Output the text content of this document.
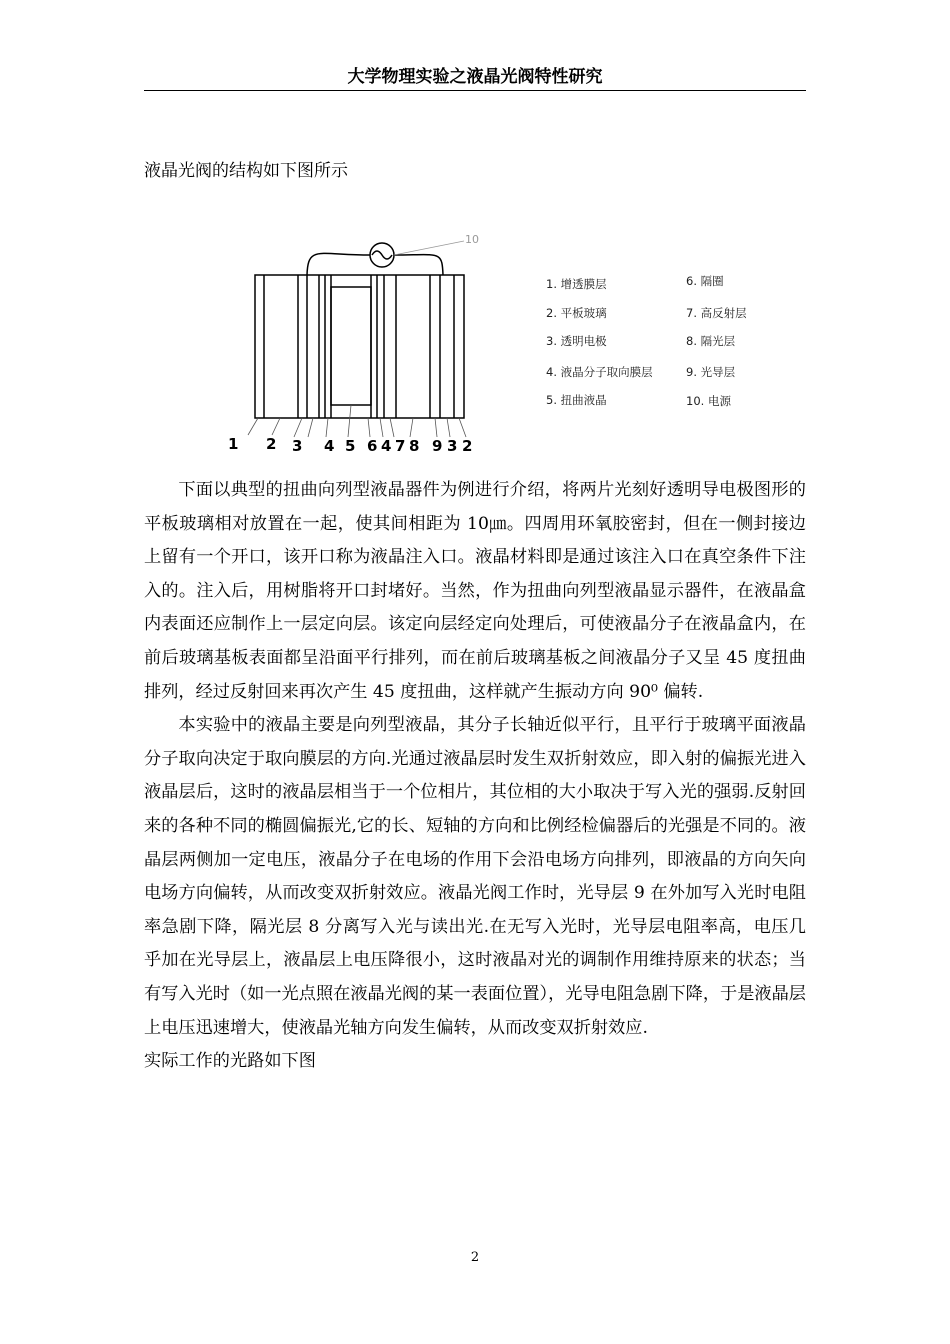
大学物理实验之液晶光阀特性研究
液晶光阀的结构如下图所示
10
1 2 3 4 5 6 4 7 8 9 3 2
1. 增透膜层
2. 平板玻璃
3. 透明电极
4. 液晶分子取向膜层
5. 扭曲液晶
6. 隔圈
7. 高反射层
8. 隔光层
9. 光导层
10. 电源

下面以典型的扭曲向列型液晶器件为例进行介绍，将两片光刻好透明导电极图形的平板玻璃相对放置在一起，使其间相距为 10㎛。四周用环氧胶密封，但在一侧封接边上留有一个开口，该开口称为液晶注入口。液晶材料即是通过该注入口在真空条件下注入的。注入后，用树脂将开口封堵好。当然，作为扭曲向列型液晶显示器件，在液晶盒内表面还应制作上一层定向层。该定向层经定向处理后，可使液晶分子在液晶盒内，在前后玻璃基板表面都呈沿面平行排列，而在前后玻璃基板之间液晶分子又呈 45 度扭曲排列，经过反射回来再次产生 45 度扭曲，这样就产生振动方向 90⁰ 偏转.

本实验中的液晶主要是向列型液晶，其分子长轴近似平行，且平行于玻璃平面液晶分子取向决定于取向膜层的方向.光通过液晶层时发生双折射效应，即入射的偏振光进入液晶层后，这时的液晶层相当于一个位相片，其位相的大小取决于写入光的强弱.反射回来的各种不同的椭圆偏振光,它的长、短轴的方向和比例经检偏器后的光强是不同的。液晶层两侧加一定电压，液晶分子在电场的作用下会沿电场方向排列，即液晶的方向矢向电场方向偏转，从而改变双折射效应。液晶光阀工作时，光导层 9 在外加写入光时电阻率急剧下降，隔光层 8 分离写入光与读出光.在无写入光时，光导层电阻率高，电压几乎加在光导层上，液晶层上电压降很小，这时液晶对光的调制作用维持原来的状态；当有写入光时（如一光点照在液晶光阀的某一表面位置），光导电阻急剧下降，于是液晶层上电压迅速增大，使液晶光轴方向发生偏转，从而改变双折射效应.

实际工作的光路如下图

2
